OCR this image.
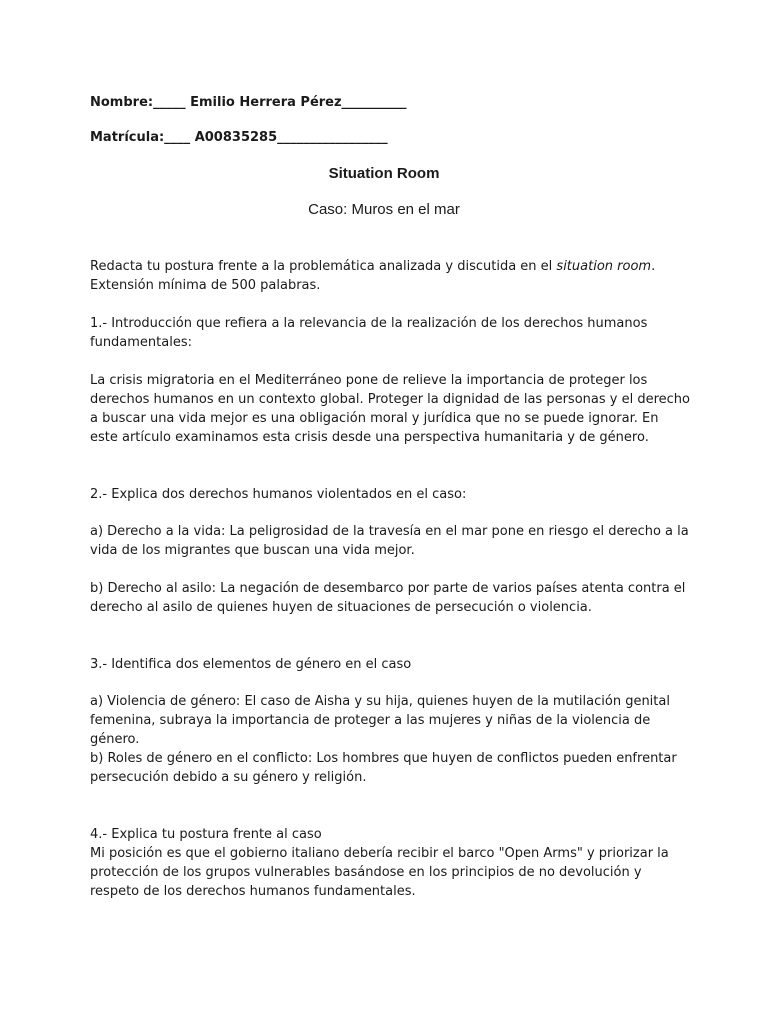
Nombre:_____ Emilio Herrera Pérez__________

Matrícula:____ A00835285_________________

Situation Room

Caso: Muros en el mar

Redacta tu postura frente a la problemática analizada y discutida en el situation room. Extensión mínima de 500 palabras.

1.- Introducción que refiera a la relevancia de la realización de los derechos humanos fundamentales:

La crisis migratoria en el Mediterráneo pone de relieve la importancia de proteger los derechos humanos en un contexto global. Proteger la dignidad de las personas y el derecho a buscar una vida mejor es una obligación moral y jurídica que no se puede ignorar. En este artículo examinamos esta crisis desde una perspectiva humanitaria y de género.

2.- Explica dos derechos humanos violentados en el caso:

a) Derecho a la vida: La peligrosidad de la travesía en el mar pone en riesgo el derecho a la vida de los migrantes que buscan una vida mejor.

b) Derecho al asilo: La negación de desembarco por parte de varios países atenta contra el derecho al asilo de quienes huyen de situaciones de persecución o violencia.

3.- Identifica dos elementos de género en el caso

a) Violencia de género: El caso de Aisha y su hija, quienes huyen de la mutilación genital femenina, subraya la importancia de proteger a las mujeres y niñas de la violencia de género.

b) Roles de género en el conflicto: Los hombres que huyen de conflictos pueden enfrentar persecución debido a su género y religión.

4.- Explica tu postura frente al caso

Mi posición es que el gobierno italiano debería recibir el barco "Open Arms" y priorizar la protección de los grupos vulnerables basándose en los principios de no devolución y respeto de los derechos humanos fundamentales.
